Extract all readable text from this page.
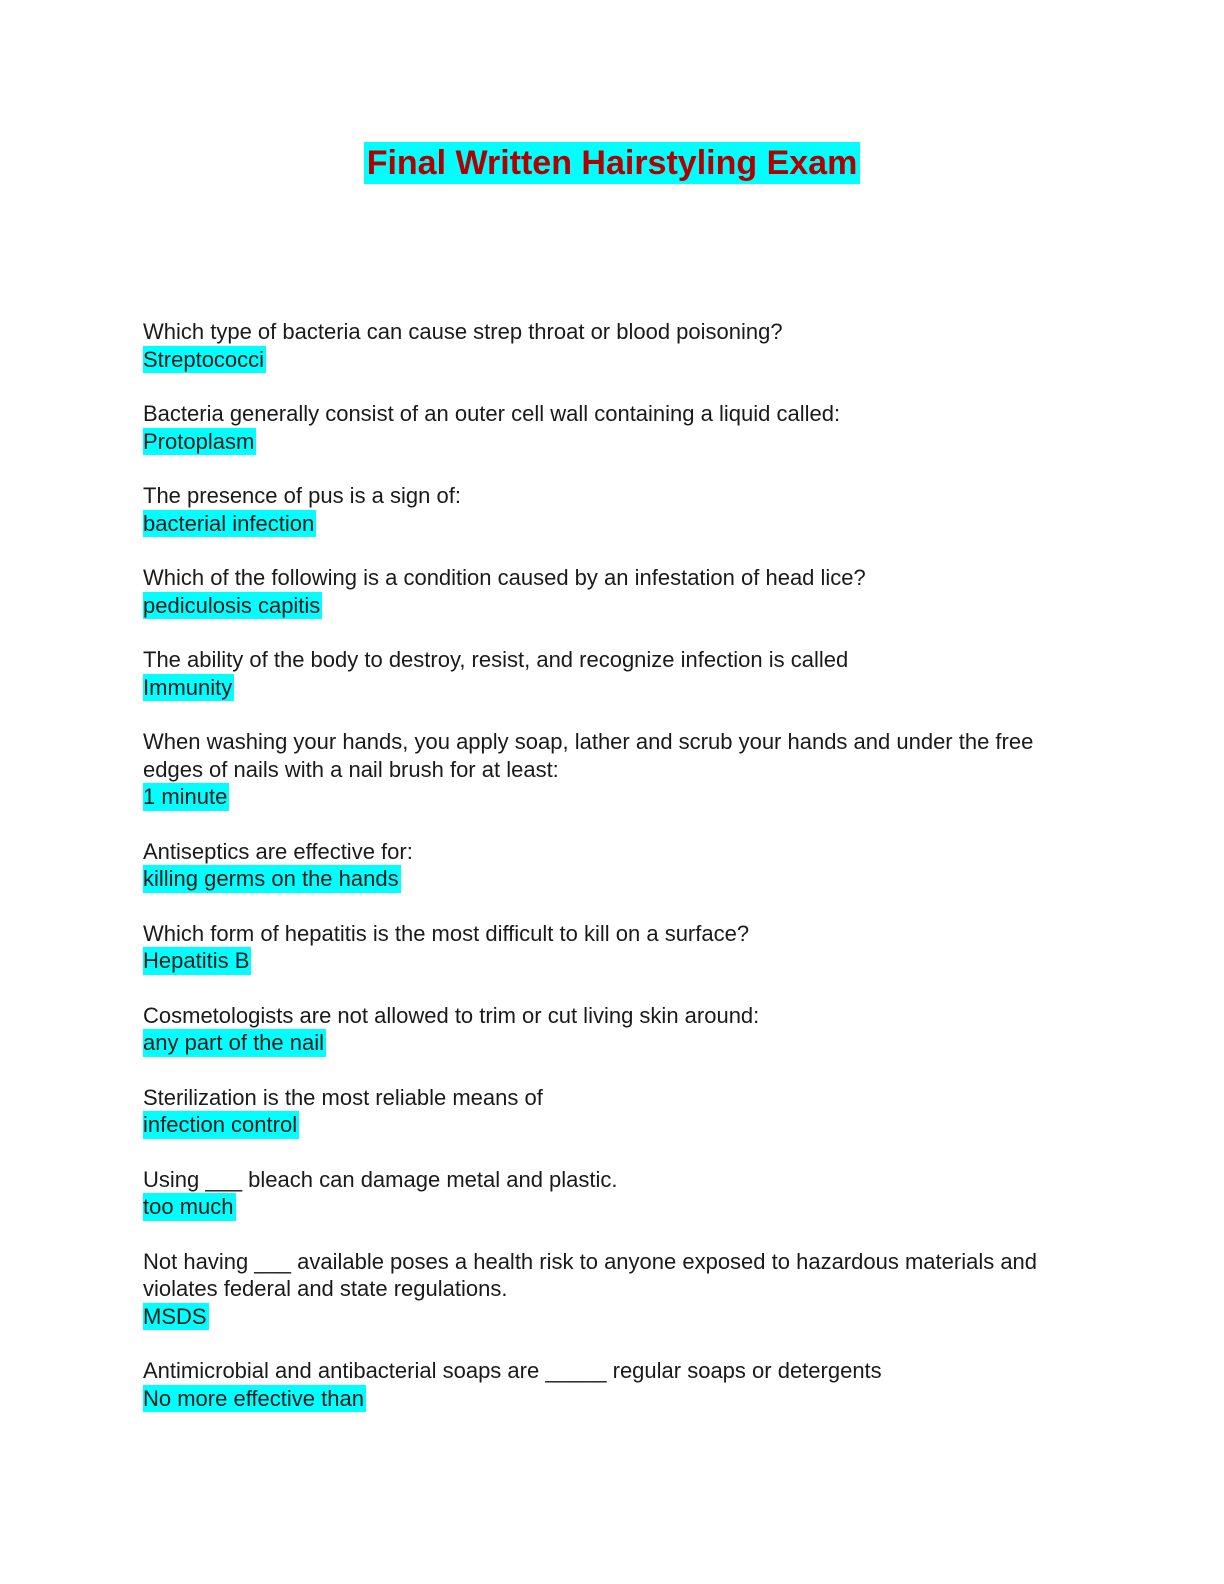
Final Written Hairstyling Exam
Which type of bacteria can cause strep throat or blood poisoning?
Streptococci
Bacteria generally consist of an outer cell wall containing a liquid called:
Protoplasm
The presence of pus is a sign of:
bacterial infection
Which of the following is a condition caused by an infestation of head lice?
pediculosis capitis
The ability of the body to destroy, resist, and recognize infection is called
Immunity
When washing your hands, you apply soap, lather and scrub your hands and under the free edges of nails with a nail brush for at least:
1 minute
Antiseptics are effective for:
killing germs on the hands
Which form of hepatitis is the most difficult to kill on a surface?
Hepatitis B
Cosmetologists are not allowed to trim or cut living skin around:
any part of the nail
Sterilization is the most reliable means of
infection control
Using ___ bleach can damage metal and plastic.
too much
Not having ___ available poses a health risk to anyone exposed to hazardous materials and violates federal and state regulations.
MSDS
Antimicrobial and antibacterial soaps are _____ regular soaps or detergents
No more effective than
